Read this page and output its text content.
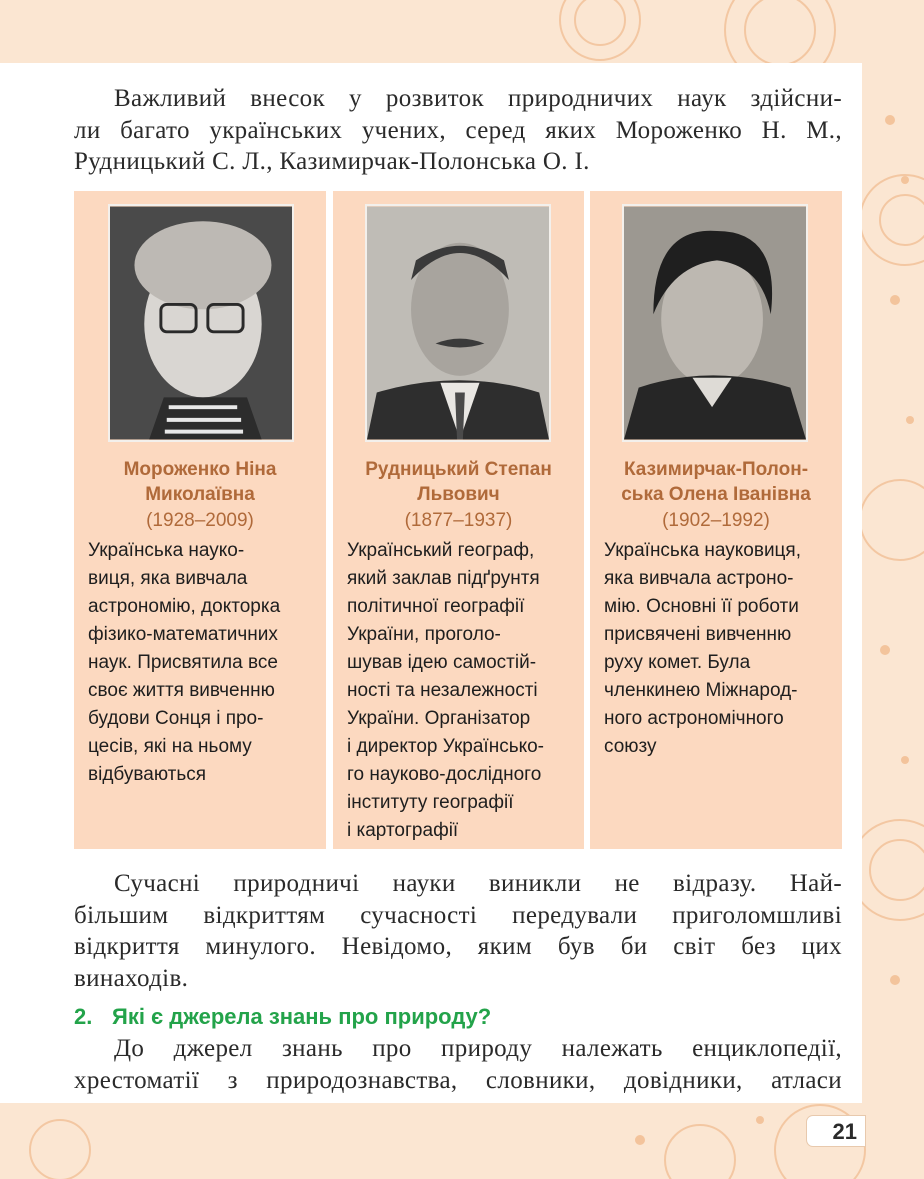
Важливий внесок у розвиток природничих наук здійсни-
ли багато українських учених, серед яких Мороженко Н. М.,
Рудницький С. Л., Казимирчак-Полонська О. І.

Мороженко Ніна
Миколаївна

(1928–2009)

Українська науко-
виця, яка вивчала
астрономію, докторка
фізико-математичних
наук. Присвятила все
своє життя вивченню
будови Сонця і про-
цесів, які на ньому
відбуваються

Рудницький Степан
Львович

(1877–1937)

Український географ,
який заклав підґрунтя
політичної географії
України, проголо-
шував ідею самостій-
ності та незалежності
України. Організатор
і директор Українсько-
го науково-дослідного
інституту географії
і картографії

Казимирчак-Полон-
ська Олена Іванівна

(1902–1992)

Українська науковиця,
яка вивчала астроно-
мію. Основні її роботи
присвячені вивченню
руху комет. Була
членкинею Міжнарод-
ного астрономічного
союзу

Сучасні природничі науки виникли не відразу. Най-
більшим відкриттям сучасності передували приголомшливі
відкриття минулого. Невідомо, яким був би світ без цих
винаходів.

2. Які є джерела знань про природу?

До джерел знань про природу належать енциклопедії,
хрестоматії з природознавства, словники, довідники, атласи

21
